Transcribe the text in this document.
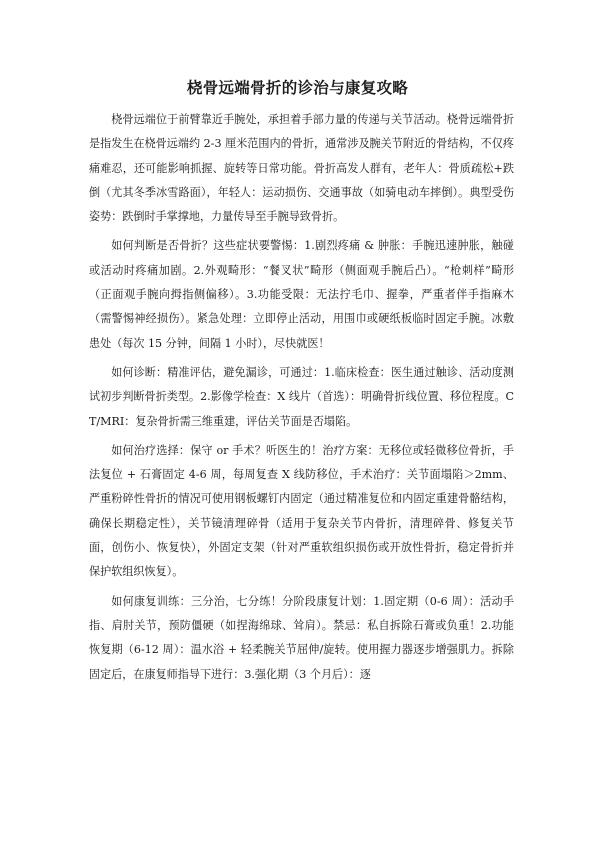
桡骨远端骨折的诊治与康复攻略

桡骨远端位于前臂靠近手腕处，承担着手部力量的传递与关节活动。桡骨远端骨折是指发生在桡骨远端约 2-3 厘米范围内的骨折，通常涉及腕关节附近的骨结构，不仅疼痛难忍，还可能影响抓握、旋转等日常功能。骨折高发人群有，老年人：骨质疏松+跌倒（尤其冬季冰雪路面），年轻人：运动损伤、交通事故（如骑电动车摔倒）。典型受伤姿势：跌倒时手掌撑地，力量传导至手腕导致骨折。

如何判断是否骨折？这些症状要警惕：1.剧烈疼痛 & 肿胀：手腕迅速肿胀，触碰或活动时疼痛加剧。2.外观畸形：“餐叉状”畸形（侧面观手腕后凸）。“枪刺样”畸形（正面观手腕向拇指侧偏移）。3.功能受限：无法拧毛巾、握拳，严重者伴手指麻木（需警惕神经损伤）。紧急处理：立即停止活动，用围巾或硬纸板临时固定手腕。冰敷患处（每次 15 分钟，间隔 1 小时），尽快就医！

如何诊断：精准评估，避免漏诊，可通过：1.临床检查：医生通过触诊、活动度测试初步判断骨折类型。2.影像学检查：X 线片（首选）：明确骨折线位置、移位程度。CT/MRI：复杂骨折需三维重建，评估关节面是否塌陷。

如何治疗选择：保守 or 手术？听医生的！治疗方案：无移位或轻微移位骨折，手法复位 + 石膏固定 4-6 周，每周复查 X 线防移位，手术治疗：关节面塌陷＞2mm、严重粉碎性骨折的情况可使用钢板螺钉内固定（通过精准复位和内固定重建骨骼结构，确保长期稳定性），关节镜清理碎骨（适用于复杂关节内骨折，清理碎骨、修复关节面，创伤小、恢复快），外固定支架（针对严重软组织损伤或开放性骨折，稳定骨折并保护软组织恢复）。

如何康复训练：三分治，七分练！分阶段康复计划：1.固定期（0-6 周）：活动手指、肩肘关节，预防僵硬（如捏海绵球、耸肩）。禁忌：私自拆除石膏或负重！2.功能恢复期（6-12 周）：温水浴 + 轻柔腕关节屈伸/旋转。使用握力器逐步增强肌力。拆除固定后，在康复师指导下进行：3.强化期（3 个月后）：逐
